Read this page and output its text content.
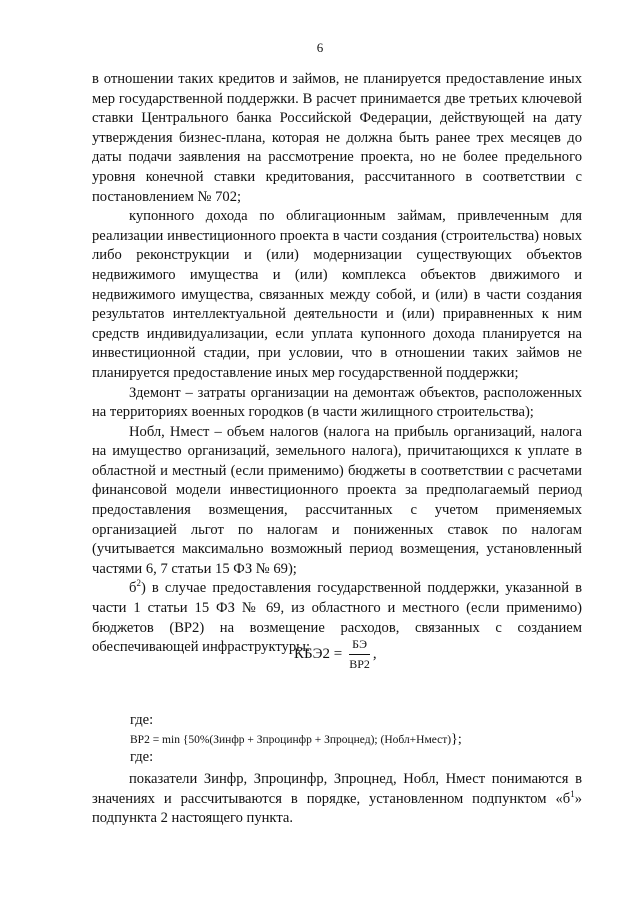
6

в отношении таких кредитов и займов, не планируется предоставление иных мер государственной поддержки. В расчет принимается две третьих ключевой ставки Центрального банка Российской Федерации, действующей на дату утверждения бизнес-плана, которая не должна быть ранее трех месяцев до даты подачи заявления на рассмотрение проекта, но не более предельного уровня конечной ставки кредитования, рассчитанного в соответствии с постановлением № 702;

купонного дохода по облигационным займам, привлеченным для реализации инвестиционного проекта в части создания (строительства) новых либо реконструкции и (или) модернизации существующих объектов недвижимого имущества и (или) комплекса объектов движимого и недвижимого имущества, связанных между собой, и (или) в части создания результатов интеллектуальной деятельности и (или) приравненных к ним средств индивидуализации, если уплата купонного дохода планируется на инвестиционной стадии, при условии, что в отношении таких займов не планируется предоставление иных мер государственной поддержки;

Здемонт – затраты организации на демонтаж объектов, расположенных на территориях военных городков (в части жилищного строительства);

Нобл, Нмест – объем налогов (налога на прибыль организаций, налога на имущество организаций, земельного налога), причитающихся к уплате в областной и местный (если применимо) бюджеты в соответствии с расчетами финансовой модели инвестиционного проекта за предполагаемый период предоставления возмещения, рассчитанных с учетом применяемых организацией льгот по налогам и пониженных ставок по налогам (учитывается максимально возможный период возмещения, установленный частями 6, 7 статьи 15 ФЗ № 69);

$б^2$) в случае предоставления государственной поддержки, указанной в части 1 статьи 15 ФЗ № 69, из областного и местного (если применимо) бюджетов (ВР2) на возмещение расходов, связанных с созданием обеспечивающей инфраструктуры:

$КБЭ2 = \frac{БЭ}{ВР2}$ ,
где:
ВР2 = min {50%(Зинфр + Зпроцинфр + Зпроцнед); (Нобл+Нмест)};
где:

показатели Зинфр, Зпроцинфр, Зпроцнед, Нобл, Нмест понимаются в значениях и рассчитываются в порядке, установленном подпунктом «$б^1$» подпункта 2 настоящего пункта.
